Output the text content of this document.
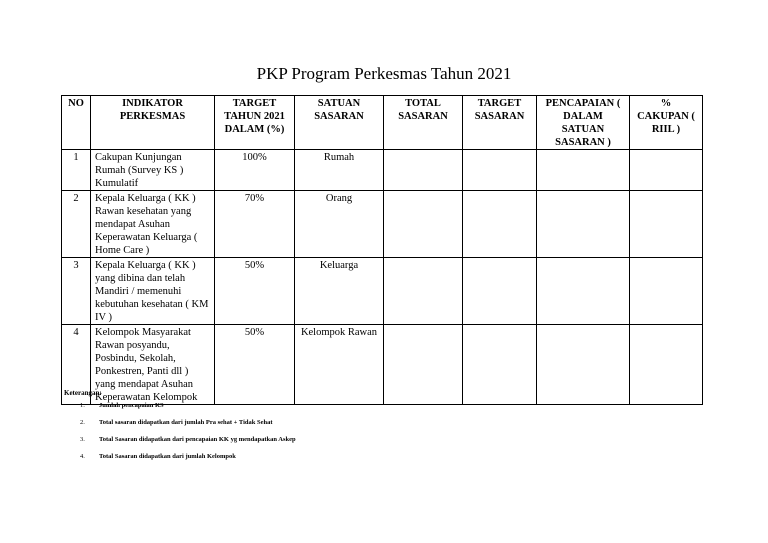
PKP Program Perkesmas Tahun 2021
NO	INDIKATOR PERKESMAS	TARGET TAHUN 2021 DALAM (%)	SATUAN SASARAN	TOTAL SASARAN	TARGET SASARAN	PENCAPAIAN ( DALAM SATUAN SASARAN )	% CAKUPAN ( RIIL )
1	Cakupan Kunjungan Rumah (Survey KS ) Kumulatif	100%	Rumah				
2	Kepala Keluarga ( KK ) Rawan kesehatan yang mendapat Asuhan Keperawatan Keluarga ( Home Care )	70%	Orang				
3	Kepala Keluarga ( KK ) yang dibina dan telah Mandiri / memenuhi kebutuhan kesehatan ( KM IV )	50%	Keluarga				
4	Kelompok Masyarakat Rawan posyandu, Posbindu, Sekolah, Ponkestren, Panti dll ) yang mendapat Asuhan Keperawatan Kelompok	50%	Kelompok Rawan				
Keterangan:
1. Jumlah pencapaian KS
2. Total sasaran didapatkan dari jumlah Pra sehat + Tidak Sehat
3. Total Sasaran didapatkan dari pencapaian KK yg mendapatkan Askep
4. Total Sasaran didapatkan dari jumlah Kelompok
